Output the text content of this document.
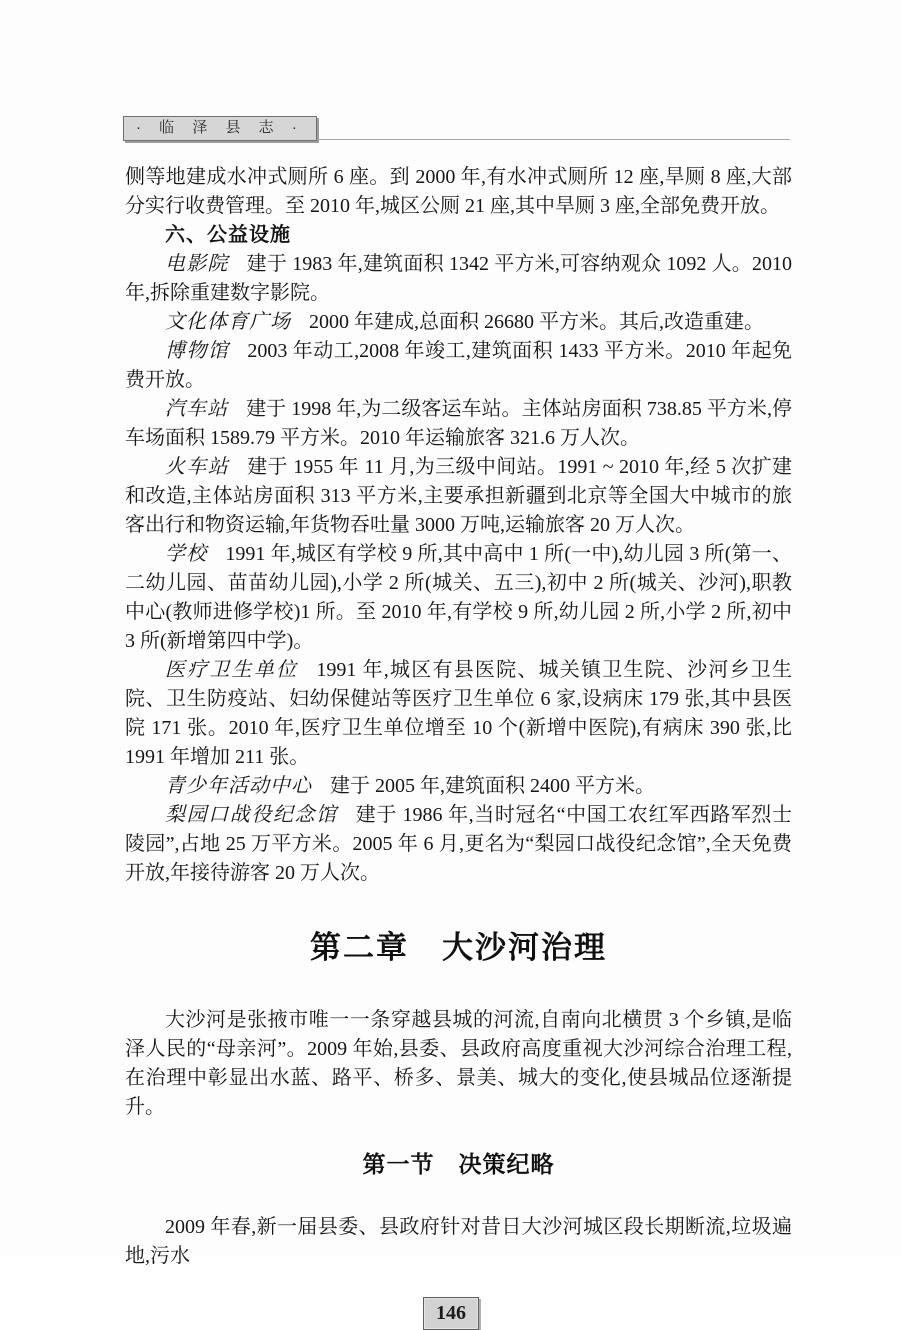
· 临 泽 县 志 ·

侧等地建成水冲式厕所 6 座。到 2000 年,有水冲式厕所 12 座,旱厕 8 座,大部分实行收费管理。至 2010 年,城区公厕 21 座,其中旱厕 3 座,全部免费开放。

六、公益设施

电影院 建于 1983 年,建筑面积 1342 平方米,可容纳观众 1092 人。2010 年,拆除重建数字影院。

文化体育广场 2000 年建成,总面积 26680 平方米。其后,改造重建。

博物馆 2003 年动工,2008 年竣工,建筑面积 1433 平方米。2010 年起免费开放。

汽车站 建于 1998 年,为二级客运车站。主体站房面积 738.85 平方米,停车场面积 1589.79 平方米。2010 年运输旅客 321.6 万人次。

火车站 建于 1955 年 11 月,为三级中间站。1991 ~ 2010 年,经 5 次扩建和改造,主体站房面积 313 平方米,主要承担新疆到北京等全国大中城市的旅客出行和物资运输,年货物吞吐量 3000 万吨,运输旅客 20 万人次。

学校 1991 年,城区有学校 9 所,其中高中 1 所(一中),幼儿园 3 所(第一、二幼儿园、苗苗幼儿园),小学 2 所(城关、五三),初中 2 所(城关、沙河),职教中心(教师进修学校)1 所。至 2010 年,有学校 9 所,幼儿园 2 所,小学 2 所,初中 3 所(新增第四中学)。

医疗卫生单位 1991 年,城区有县医院、城关镇卫生院、沙河乡卫生院、卫生防疫站、妇幼保健站等医疗卫生单位 6 家,设病床 179 张,其中县医院 171 张。2010 年,医疗卫生单位增至 10 个(新增中医院),有病床 390 张,比 1991 年增加 211 张。

青少年活动中心 建于 2005 年,建筑面积 2400 平方米。

梨园口战役纪念馆 建于 1986 年,当时冠名“中国工农红军西路军烈士陵园”,占地 25 万平方米。2005 年 6 月,更名为“梨园口战役纪念馆”,全天免费开放,年接待游客 20 万人次。

第二章　大沙河治理

大沙河是张掖市唯一一条穿越县城的河流,自南向北横贯 3 个乡镇,是临泽人民的“母亲河”。2009 年始,县委、县政府高度重视大沙河综合治理工程,在治理中彰显出水蓝、路平、桥多、景美、城大的变化,使县城品位逐渐提升。

第一节　决策纪略

2009 年春,新一届县委、县政府针对昔日大沙河城区段长期断流,垃圾遍地,污水

146
